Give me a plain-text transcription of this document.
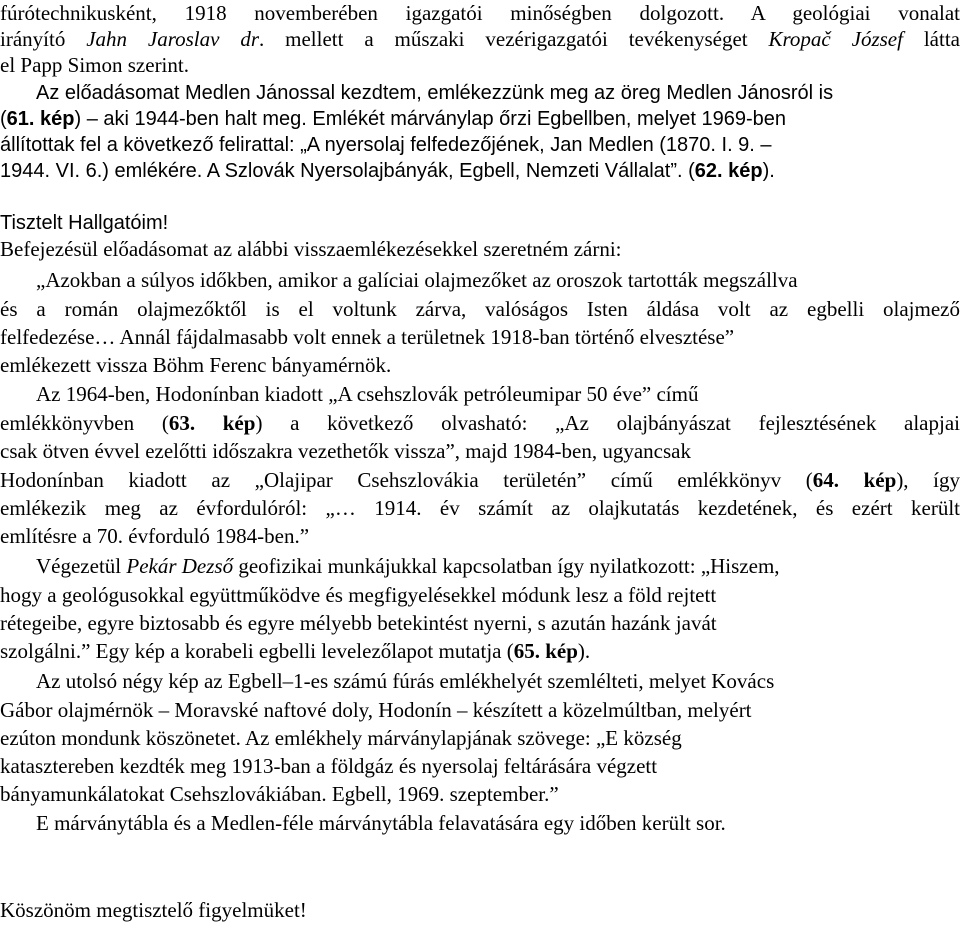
fúrótechnikusként, 1918 novemberében igazgatói minőségben dolgozott. A geológiai vonalat
irányító Jahn Jaroslav dr. mellett a műszaki vezérigazgatói tevékenységet Kropač József látta
el Papp Simon szerint.
Az előadásomat Medlen Jánossal kezdtem, emlékezzünk meg az öreg Medlen Jánosról is
(61. kép) – aki 1944-ben halt meg. Emlékét márványlap őrzi Egbellben, melyet 1969-ben
állítottak fel a következő felirattal: „A nyersolaj felfedezőjének, Jan Medlen (1870. I. 9. –
1944. VI. 6.) emlékére. A Szlovák Nyersolajbányák, Egbell, Nemzeti Vállalat”. (62. kép).
Tisztelt Hallgatóim!
Befejezésül előadásomat az alábbi visszaemlékezésekkel szeretném zárni:
„Azokban a súlyos időkben, amikor a galíciai olajmezőket az oroszok tartották megszállva
és a román olajmezőktől is el voltunk zárva, valóságos Isten áldása volt az egbelli olajmező
felfedezése… Annál fájdalmasabb volt ennek a területnek 1918-ban történő elvesztése”
emlékezett vissza Böhm Ferenc bányamérnök.
Az 1964-ben, Hodonínban kiadott „A csehszlovák petróleumipar 50 éve” című
emlékkönyvben (63. kép) a következő olvasható: „Az olajbányászat fejlesztésének alapjai
csak ötven évvel ezelőtti időszakra vezethetők vissza”, majd 1984-ben, ugyancsak
Hodonínban kiadott az „Olajipar Csehszlovákia területén” című emlékkönyv (64. kép), így
emlékezik meg az évfordulóról: „… 1914. év számít az olajkutatás kezdetének, és ezért került
említésre a 70. évforduló 1984-ben.”
Végezetül Pekár Dezső geofizikai munkájukkal kapcsolatban így nyilatkozott: „Hiszem,
hogy a geológusokkal együttműködve és megfigyelésekkel módunk lesz a föld rejtett
rétegeibe, egyre biztosabb és egyre mélyebb betekintést nyerni, s azután hazánk javát
szolgálni.” Egy kép a korabeli egbelli levelezőlapot mutatja (65. kép).
Az utolsó négy kép az Egbell–1-es számú fúrás emlékhelyét szemlélteti, melyet Kovács
Gábor olajmérnök – Moravské naftové doly, Hodonín – készített a közelmúltban, melyért
ezúton mondunk köszönetet. Az emlékhely márványlapjának szövege: „E község
katasztereben kezdték meg 1913-ban a földgáz és nyersolaj feltárására végzett
bányamunkálatokat Csehszlovákiában. Egbell, 1969. szeptember.”
E márványtábla és a Medlen-féle márványtábla felavatására egy időben került sor.
Köszönöm megtisztelő figyelmüket!
